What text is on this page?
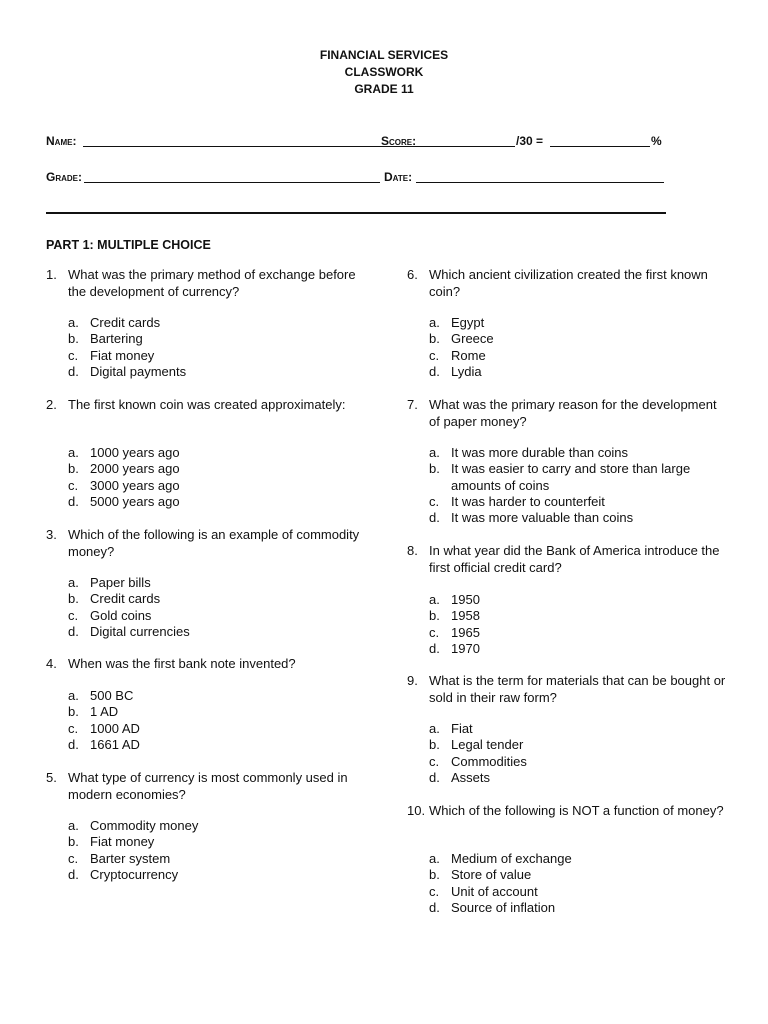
FINANCIAL SERVICES
CLASSWORK
GRADE 11
Name:	Score:	/30 =	%
Grade:	Date:
PART 1: MULTIPLE CHOICE
1. What was the primary method of exchange before the development of currency?
a. Credit cards
b. Bartering
c. Fiat money
d. Digital payments
2. The first known coin was created approximately:
a. 1000 years ago
b. 2000 years ago
c. 3000 years ago
d. 5000 years ago
3. Which of the following is an example of commodity money?
a. Paper bills
b. Credit cards
c. Gold coins
d. Digital currencies
4. When was the first bank note invented?
a. 500 BC
b. 1 AD
c. 1000 AD
d. 1661 AD
5. What type of currency is most commonly used in modern economies?
a. Commodity money
b. Fiat money
c. Barter system
d. Cryptocurrency
6. Which ancient civilization created the first known coin?
a. Egypt
b. Greece
c. Rome
d. Lydia
7. What was the primary reason for the development of paper money?
a. It was more durable than coins
b. It was easier to carry and store than large amounts of coins
c. It was harder to counterfeit
d. It was more valuable than coins
8. In what year did the Bank of America introduce the first official credit card?
a. 1950
b. 1958
c. 1965
d. 1970
9. What is the term for materials that can be bought or sold in their raw form?
a. Fiat
b. Legal tender
c. Commodities
d. Assets
10. Which of the following is NOT a function of money?
a. Medium of exchange
b. Store of value
c. Unit of account
d. Source of inflation
